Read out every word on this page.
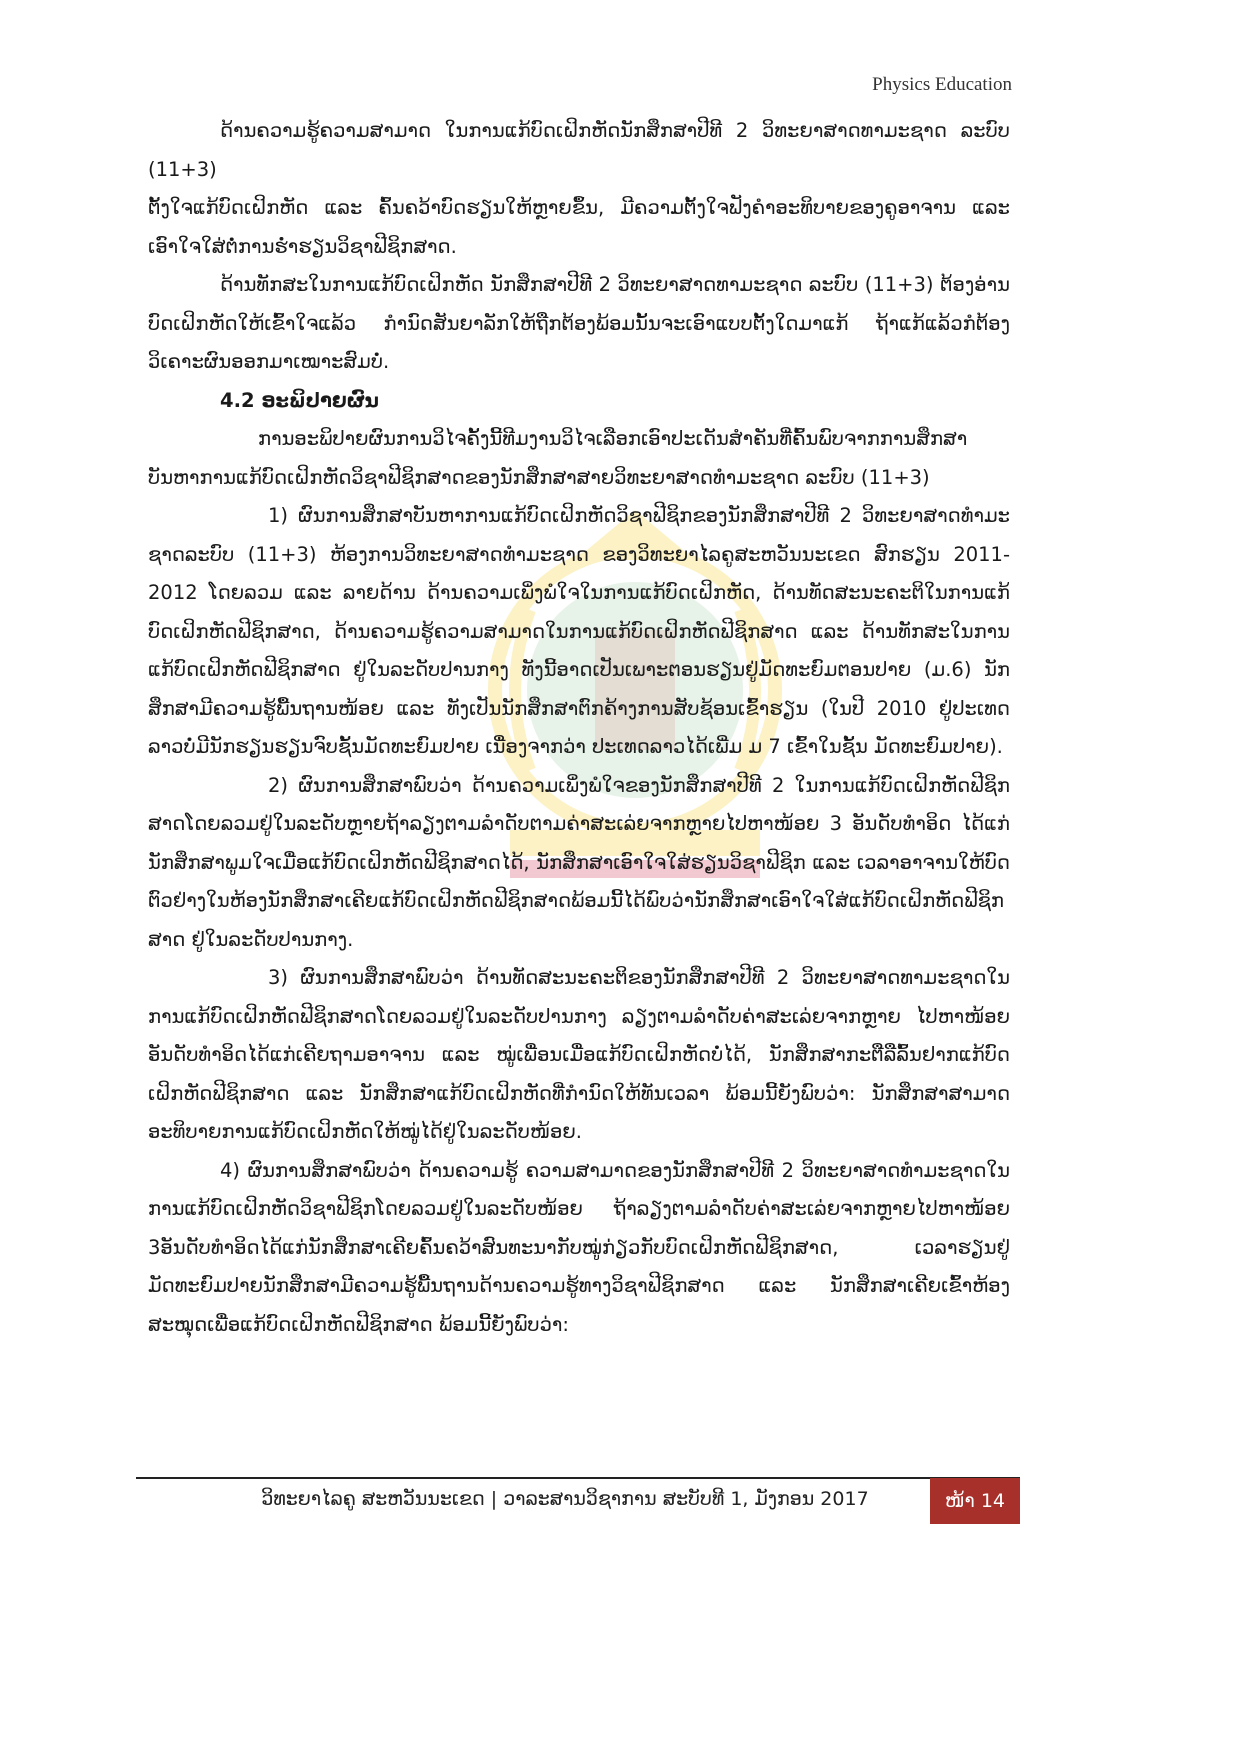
Physics Education

ດ້ານຄວາມຮູ້ຄວາມສາມາດ ໃນການແກ້ບົດເຝິກຫັດນັກສຶກສາປີທີ 2 ວິທະຍາສາດທາມະຊາດ ລະບົບ (11+3)

ຕັ້ງໃຈແກ້ບົດເຝິກຫັດ ແລະ ຄົ້ນຄວ້າບົດຮຽນໃຫ້ຫຼາຍຂຶ້ນ, ມີຄວາມຕັ້ງໃຈຟັງຄໍາອະທິບາຍຂອງຄູອາຈານ ແລະເອົາໃຈໃສ່ຕໍ່ການຮໍ່າຮຽນວິຊາຟີຊິກສາດ.

ດ້ານທັກສະໃນການແກ້ບົດເຝິກຫັດ ນັກສຶກສາປີທີ 2 ວິທະຍາສາດທາມະຊາດ ລະບົບ (11+3) ຕ້ອງອ່ານບົດເຝິກຫັດໃຫ້ເຂົ້າໃຈແລ້ວ ກໍານົດສັນຍາລັກໃຫ້ຖືກຕ້ອງພ້ອມນັ້ນຈະເອົາແບບຕັ້ງໃດມາແກ້ ຖ້າແກ້ແລ້ວກໍຕ້ອງວິເຄາະຜົນອອກມາເໝາະສົມບໍ່.

4.2 ອະພິປາຍຜົນ

ການອະພິປາຍຜົນການວິໄຈຄັ້ງນີ້ທີມງານວິໄຈເລືອກເອົາປະເດັນສໍາຄັນທີ່ຄົ້ນພົບຈາກການສຶກສາບັນຫາການແກ້ບົດເຝິກຫັດວິຊາຟີຊິກສາດຂອງນັກສຶກສາສາຍວິທະຍາສາດທໍາມະຊາດ ລະບົບ (11+3)

1) ຜົນການສຶກສາບັນຫາການແກ້ບົດເຝິກຫັດວິຊາຟີຊິກຂອງນັກສຶກສາປີທີ 2 ວິທະຍາສາດທໍາມະຊາດລະບົບ (11+3) ຫ້ອງການວິທະຍາສາດທໍາມະຊາດ ຂອງວິທະຍາໄລຄູສະຫວັນນະເຂດ ສົກຮຽນ 2011-2012 ໂດຍລວມ ແລະ ລາຍດ້ານ ດ້ານຄວາມເພິ່ງພໍໃຈໃນການແກ້ບົດເຝິກຫັດ, ດ້ານທັດສະນະຄະຕິໃນການແກ້ບົດເຝິກຫັດຟີຊິກສາດ, ດ້ານຄວາມຮູ້ຄວາມສາມາດໃນການແກ້ບົດເຝິກຫັດຟີຊິກສາດ ແລະ ດ້ານທັກສະໃນການແກ້ບົດເຝິກຫັດຟີຊິກສາດ ຢູ່ໃນລະດັບປານກາງ ທັງນີ້ອາດເປັນເພາະຕອນຮຽນຢູ່ມັດທະຍົມຕອນປາຍ (ມ.6) ນັກສຶກສາມີຄວາມຮູ້ພື້ນຖານໜ້ອຍ ແລະ ທັງເປັນນັກສຶກສາຕົກຄ້າງການສັບຊ້ອນເຂົ້າຮຽນ (ໃນປີ 2010 ຢູ່ປະເທດລາວບໍ່ມີນັກຮຽນຮຽນຈົບຊັ້ນມັດທະຍົມປາຍ ເນື່ອງຈາກວ່າ ປະເທດລາວໄດ້ເພີ່ມ ມ 7 ເຂົ້າໃນຊັ້ນ ມັດທະຍົມປາຍ).

2) ຜົນການສຶກສາພົບວ່າ ດ້ານຄວາມເພິ່ງພໍໃຈຂອງນັກສຶກສາປີທີ 2 ໃນການແກ້ບົດເຝິກຫັດຟີຊິກສາດໂດຍລວມຢູ່ໃນລະດັບຫຼາຍຖ້າລຽງຕາມລໍາດັບຕາມຄ່າສະເລ່ຍຈາກຫຼາຍໄປຫາໜ້ອຍ 3 ອັນດັບທໍາອິດ ໄດ້ແກ່ນັກສຶກສາພູມໃຈເມື່ອແກ້ບົດເຝິກຫັດຟີຊິກສາດໄດ້, ນັກສຶກສາເອົາໃຈໃສ່ຮຽນວິຊາຟີຊິກ ແລະ ເວລາອາຈານໃຫ້ບົດຕົວຢ່າງໃນຫ້ອງນັກສຶກສາເຄີຍແກ້ບົດເຝິກຫັດຟີຊິກສາດພ້ອມນີ້ໄດ້ພົບວ່ານັກສຶກສາເອົາໃຈໃສ່ແກ້ບົດເຝິກຫັດຟີຊິກສາດ ຢູ່ໃນລະດັບປານກາງ.

3) ຜົນການສຶກສາພົບວ່າ ດ້ານທັດສະນະຄະຕິຂອງນັກສຶກສາປີທີ 2 ວິທະຍາສາດທາມະຊາດໃນການແກ້ບົດເຝິກຫັດຟີຊິກສາດໂດຍລວມຢູ່ໃນລະດັບປານກາງ ລຽງຕາມລໍາດັບຄ່າສະເລ່ຍຈາກຫຼາຍ ໄປຫາໜ້ອຍອັນດັບທໍາອິດໄດ້ແກ່ເຄີຍຖາມອາຈານ ແລະ ໝູ່ເພື່ອນເມື່ອແກ້ບົດເຝິກຫັດບໍ່ໄດ້, ນັກສຶກສາກະຕືລືລົ້ນຢາກແກ້ບົດເຝິກຫັດຟີຊິກສາດ ແລະ ນັກສຶກສາແກ້ບົດເຝິກຫັດທີ່ກໍານົດໃຫ້ທັນເວລາ ພ້ອມນີ້ຍັງພົບວ່າ: ນັກສຶກສາສາມາດອະທິບາຍການແກ້ບົດເຝິກຫັດໃຫ້ໝູ່ໄດ້ຢູ່ໃນລະດັບໜ້ອຍ.

4) ຜົນການສຶກສາພົບວ່າ ດ້ານຄວາມຮູ້ ຄວາມສາມາດຂອງນັກສຶກສາປີທີ 2 ວິທະຍາສາດທໍາມະຊາດໃນການແກ້ບົດເຝິກຫັດວິຊາຟີຊິກໂດຍລວມຢູ່ໃນລະດັບໜ້ອຍ ຖ້າລຽງຕາມລໍາດັບຄ່າສະເລ່ຍຈາກຫຼາຍໄປຫາໜ້ອຍ 3ອັນດັບທໍາອິດໄດ້ແກ່ນັກສຶກສາເຄີຍຄົ້ນຄວ້າສົນທະນາກັບໝູ່ກ່ຽວກັບບົດເຝິກຫັດຟີຊິກສາດ, ເວລາຮຽນຢູ່ມັດທະຍົມປາຍນັກສຶກສາມີຄວາມຮູ້ພື້ນຖານດ້ານຄວາມຮູ້ທາງວິຊາຟີຊິກສາດ ແລະ ນັກສຶກສາເຄີຍເຂົ້າຫ້ອງສະໝຸດເພື່ອແກ້ບົດເຝິກຫັດຟີຊິກສາດ ພ້ອມນີ້ຍັງພົບວ່າ:

ວິທະຍາໄລຄູ ສະຫວັນນະເຂດ | ວາລະສານວິຊາການ ສະບັບທີ 1, ມັງກອນ 2017	ໜ້າ 14
